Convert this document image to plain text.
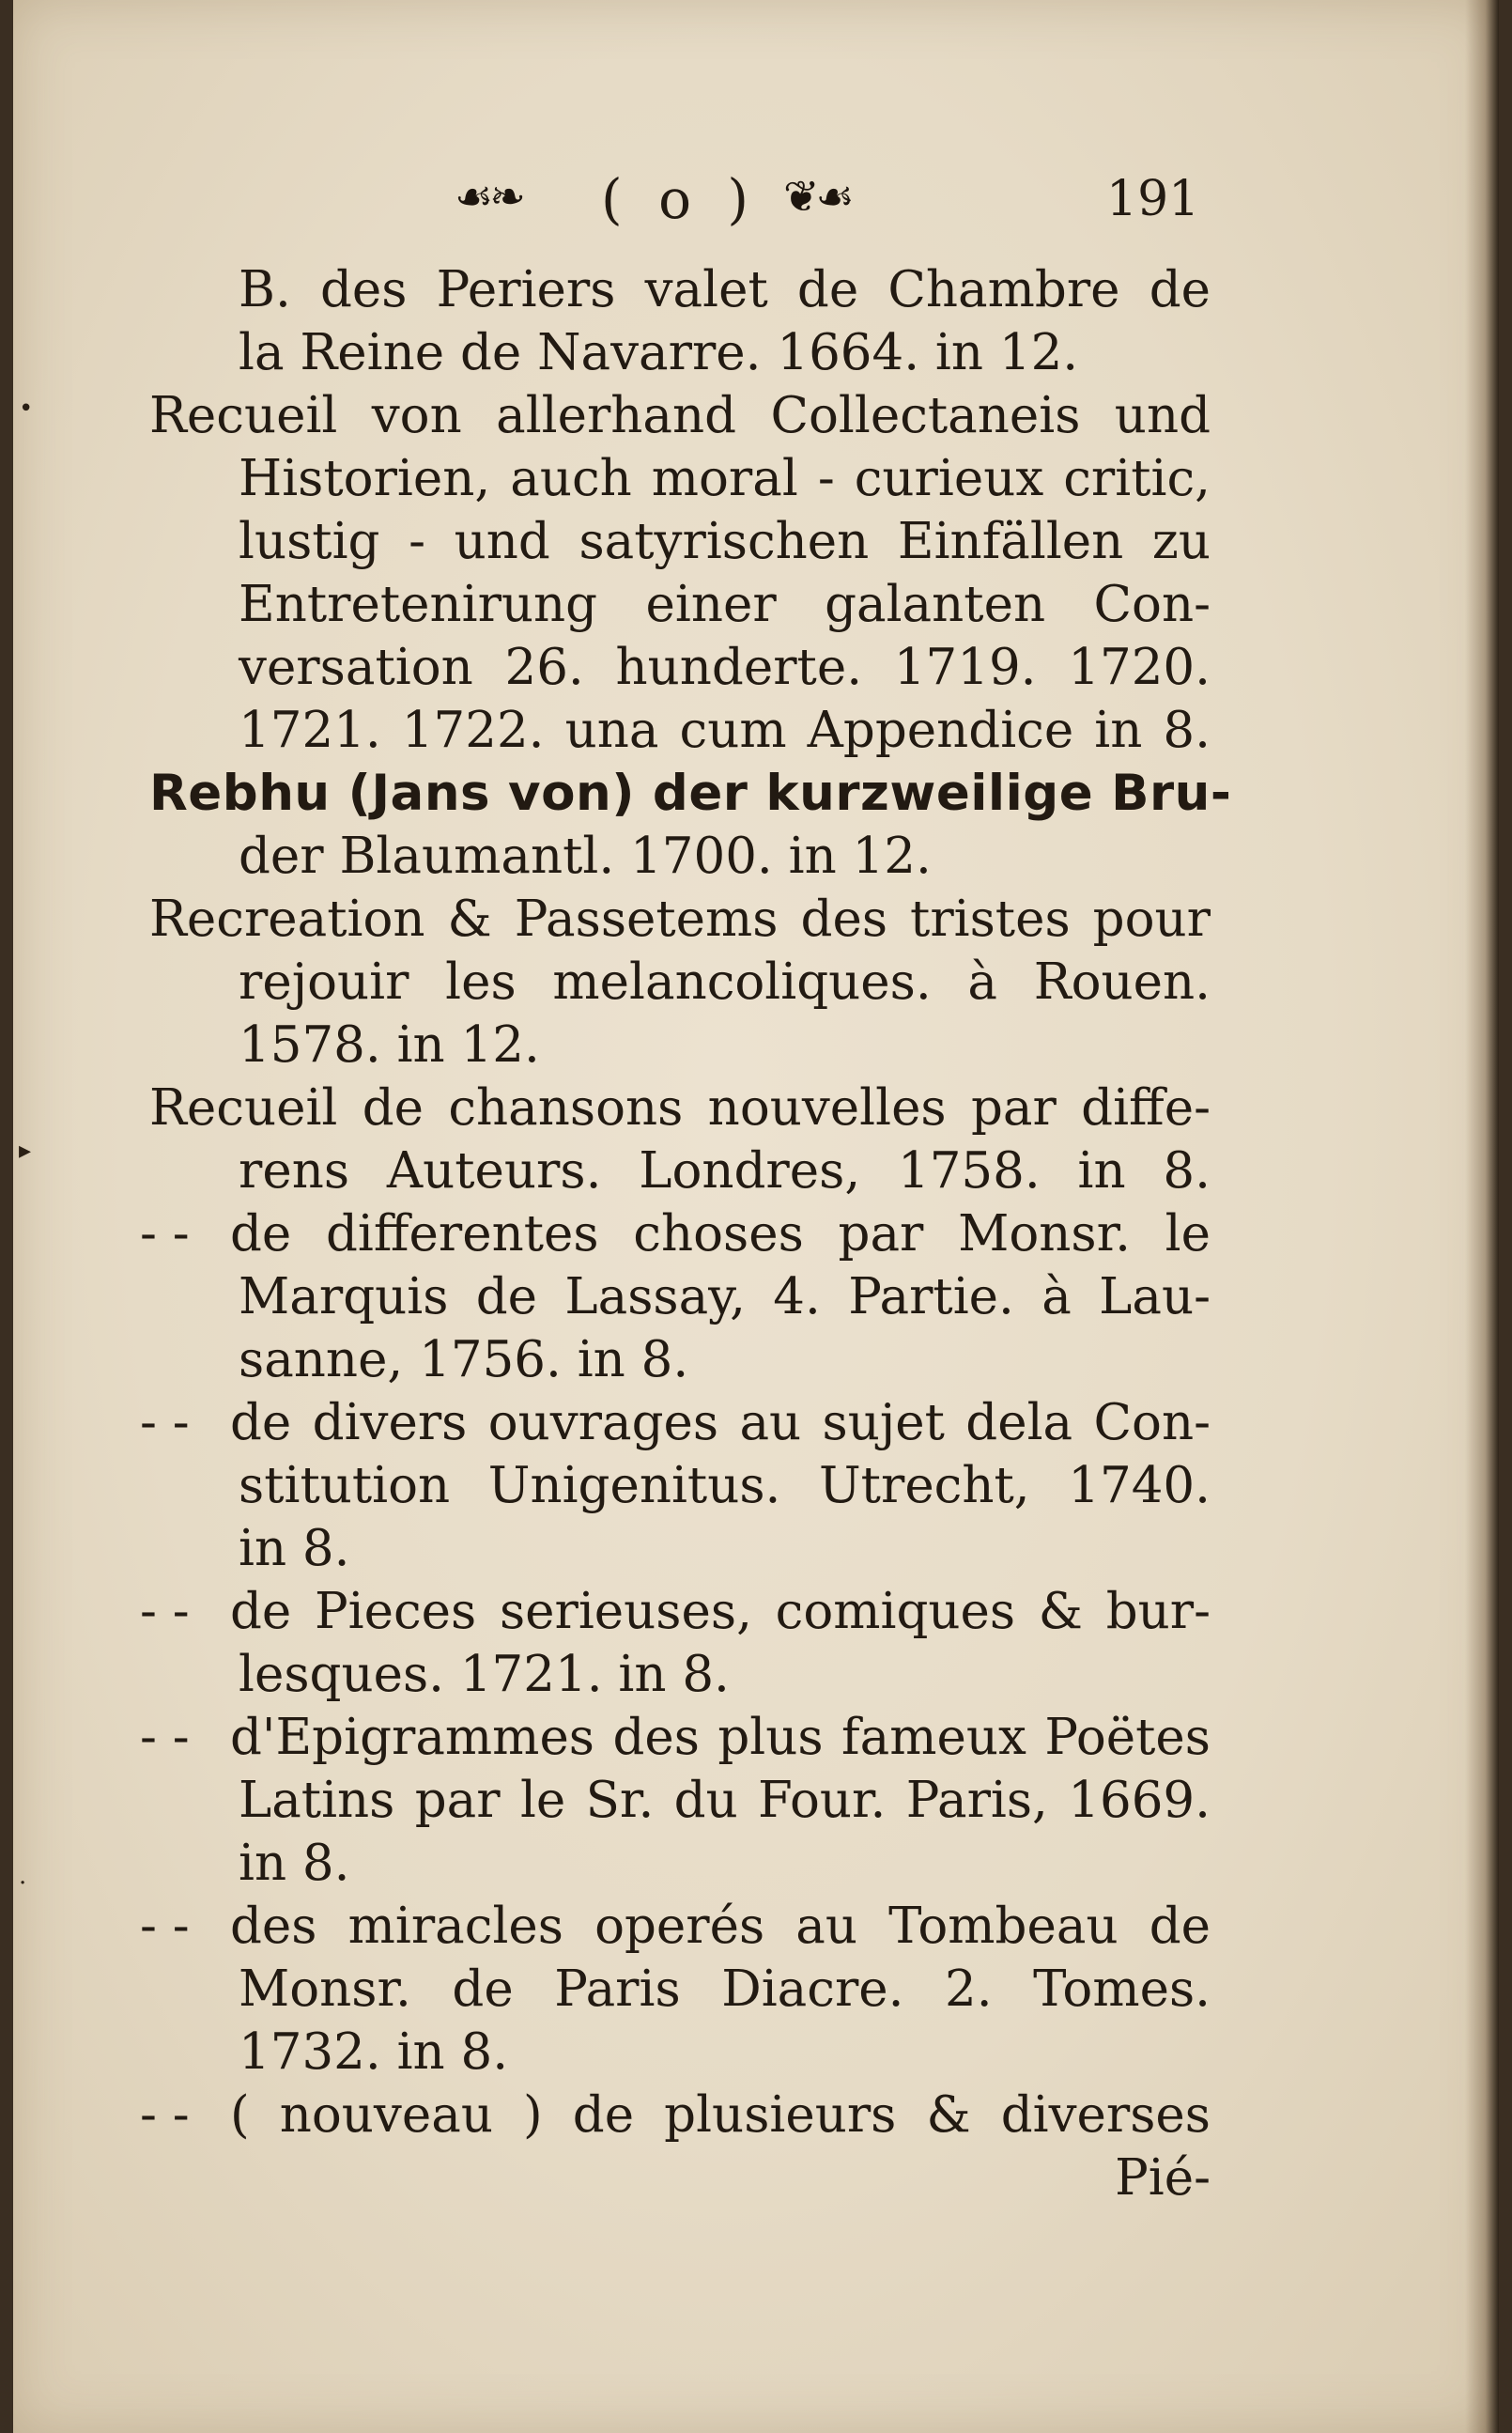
☙❧ ( o ) ❦☙	191
B. des Periers valet de Chambre de
la Reine de Navarre. 1664. in 12.
Recueil von allerhand Collectaneis und
Historien, auch moral - curieux critic,
lustig - und satyrischen Einfällen zu
Entretenirung einer galanten Con-
versation 26. hunderte. 1719. 1720.
1721. 1722. una cum Appendice in 8.
Rebhu (Jans von) der kurzweilige Bru-
der Blaumantl. 1700. in 12.
Recreation & Passetems des tristes pour
rejouir les melancoliques. à Rouen.
1578. in 12.
Recueil de chansons nouvelles par diffe-
rens Auteurs. Londres, 1758. in 8.
- - de differentes choses par Monsr. le
Marquis de Lassay, 4. Partie. à Lau-
sanne, 1756. in 8.
- - de divers ouvrages au sujet dela Con-
stitution Unigenitus. Utrecht, 1740.
in 8.
- - de Pieces serieuses, comiques & bur-
lesques. 1721. in 8.
- - d'Epigrammes des plus fameux Poëtes
Latins par le Sr. du Four. Paris, 1669.
in 8.
- - des miracles operés au Tombeau de
Monsr. de Paris Diacre. 2. Tomes.
1732. in 8.
- - ( nouveau ) de plusieurs & diverses
Pié-
•
▸
·
